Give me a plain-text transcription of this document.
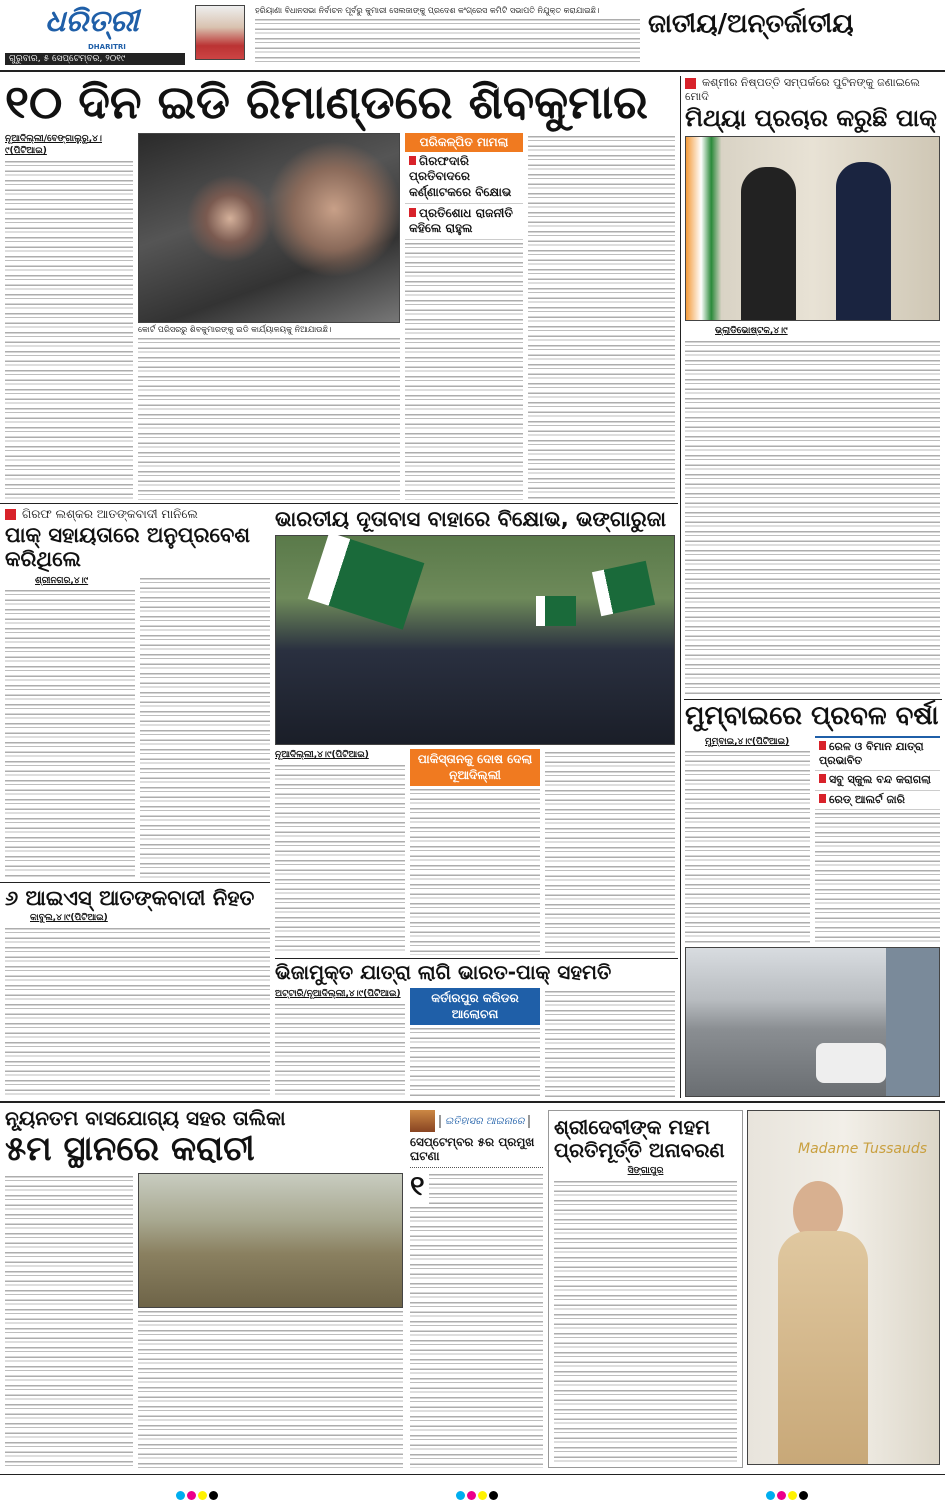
ଧରିତ୍ରୀ
DHARITRI
ଗୁରୁବାର, ୫ ସେପ୍ଟେମ୍ବର, ୨୦୧୯
ହରିୟାଣା ବିଧାନସଭା ନିର୍ବାଚନ ପୂର୍ବରୁ କୁମାରୀ ସେଲଜାଙ୍କୁ ପ୍ରଦେଶ କଂଗ୍ରେସ କମିଟି ସଭାପତି ନିଯୁକ୍ତ କରାଯାଇଛି।	ଜାତୀୟ/ଅନ୍ତର୍ଜାତୀୟ
୧୦ ଦିନ ଇଡି ରିମାଣ୍ଡରେ ଶିବକୁମାର
ନୂଆଦିଲ୍ଲୀ/ବେଙ୍ଗାଲୁରୁ,୪।୯(ପିଟିଆଇ)
କୋର୍ଟ ପରିସରରୁ ଶିବକୁମାରଙ୍କୁ ଇଡି କାର୍ଯ୍ୟାଳୟକୁ ନିଆଯାଉଛି।
ପରିକଳ୍ପିତ ମାମଲା
ଗିରଫଦାରି ପ୍ରତିବାଦରେ କର୍ଣ୍ଣାଟକରେ ବିକ୍ଷୋଭ
ପ୍ରତିଶୋଧ ରାଜନୀତି କହିଲେ ରାହୁଲ
କଶ୍ମୀର ନିଷ୍ପତ୍ତି ସମ୍ପର୍କରେ ପୁଟିନଙ୍କୁ ଜଣାଇଲେ ମୋଦି
ମିଥ୍ୟା ପ୍ରଚାର କରୁଛି ପାକ୍
ଭ୍ଲାଡିଭୋଷ୍ଟକ,୪।୯
ଗିରଫ ଲଶ୍କର ଆତଙ୍କବାଦୀ ମାନିଲେ
ପାକ୍ ସହାୟତାରେ ଅନୁପ୍ରବେଶ କରିଥିଲେ
ଶ୍ରୀନଗର,୪।୯
ଭାରତୀୟ ଦୂତାବାସ ବାହାରେ ବିକ୍ଷୋଭ, ଭଙ୍ଗାରୁଜା
ନୂଆଦିଲ୍ଲୀ,୪।୯(ପିଟିଆଇ)	ପାକିସ୍ତାନକୁ ଦୋଷ ଦେଲା ନୂଆଦିଲ୍ଲୀ
୬ ଆଇଏସ୍ ଆତଙ୍କବାଦୀ ନିହତ
କାବୁଲ,୪।୯(ପିଟିଆଇ)
ଭିଜାମୁକ୍ତ ଯାତ୍ରା ଲାଗି ଭାରତ-ପାକ୍ ସହମତି
ଅଟ୍ଟାରି/ନୂଆଦିଲ୍ଲୀ,୪।୯(ପିଟିଆଇ)	କର୍ତାରପୁର କରିଡର ଆଲୋଚନା
ମୁମ୍ବାଇରେ ପ୍ରବଳ ବର୍ଷା
ମୁମ୍ବାଇ,୪।୯(ପିଟିଆଇ)	ରେଳ ଓ ବିମାନ ଯାତ୍ରା ପ୍ରଭାବିତ
ସବୁ ସ୍କୁଲ ବନ୍ଦ କରାଗଲା
ରେଡ୍ ଆଲର୍ଟ ଜାରି
ନ୍ୟୂନତମ ବାସଯୋଗ୍ୟ ସହର ତାଲିକା
୫ମ ସ୍ଥାନରେ କରାଚୀ
ଇତିହାସର ଆଇନାରେ
ସେପ୍ଟେମ୍ବର ୫ର ପ୍ରମୁଖ ଘଟଣା
୧
ଶ୍ରୀଦେବୀଙ୍କ ମହମ
ପ୍ରତିମୂର୍ତ୍ତି ଅନାବରଣ
ସିଙ୍ଗାପୁର
Madame Tussauds
